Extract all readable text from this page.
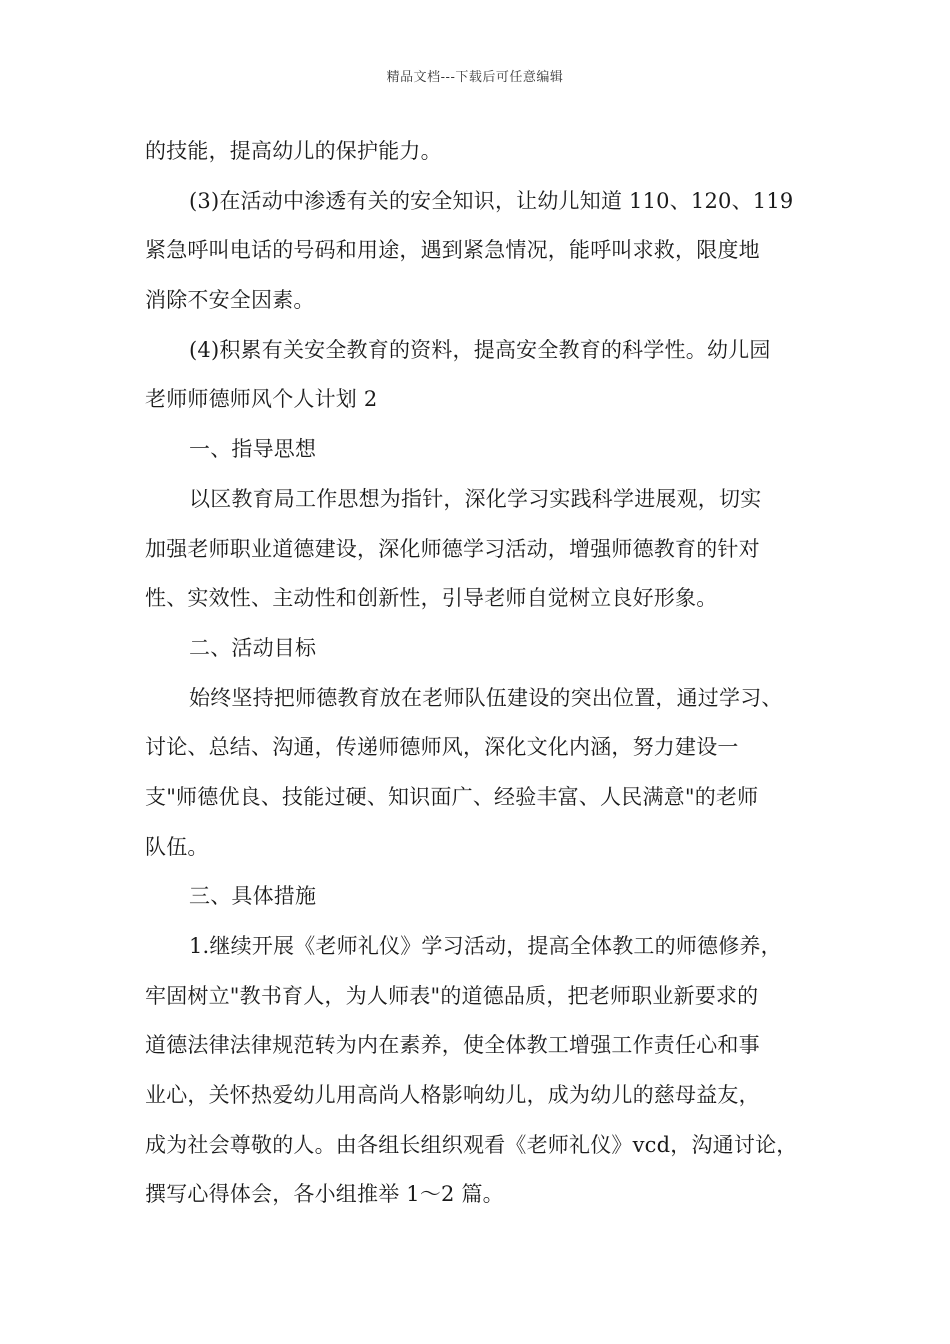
精品文档---下载后可任意编辑
的技能，提高幼儿的保护能力。
(3)在活动中渗透有关的安全知识，让幼儿知道 110、120、119
紧急呼叫电话的号码和用途，遇到紧急情况，能呼叫求救，限度地
消除不安全因素。
(4)积累有关安全教育的资料，提高安全教育的科学性。幼儿园
老师师德师风个人计划 2
一、指导思想
以区教育局工作思想为指针，深化学习实践科学进展观，切实
加强老师职业道德建设，深化师德学习活动，增强师德教育的针对
性、实效性、主动性和创新性，引导老师自觉树立良好形象。
二、活动目标
始终坚持把师德教育放在老师队伍建设的突出位置，通过学习、
讨论、总结、沟通，传递师德师风，深化文化内涵，努力建设一
支"师德优良、技能过硬、知识面广、经验丰富、人民满意"的老师
队伍。
三、具体措施
1.继续开展《老师礼仪》学习活动，提高全体教工的师德修养，
牢固树立"教书育人，为人师表"的道德品质，把老师职业新要求的
道德法律法律规范转为内在素养，使全体教工增强工作责任心和事
业心，关怀热爱幼儿用高尚人格影响幼儿，成为幼儿的慈母益友，
成为社会尊敬的人。由各组长组织观看《老师礼仪》vcd，沟通讨论，
撰写心得体会，各小组推举 1～2 篇。
